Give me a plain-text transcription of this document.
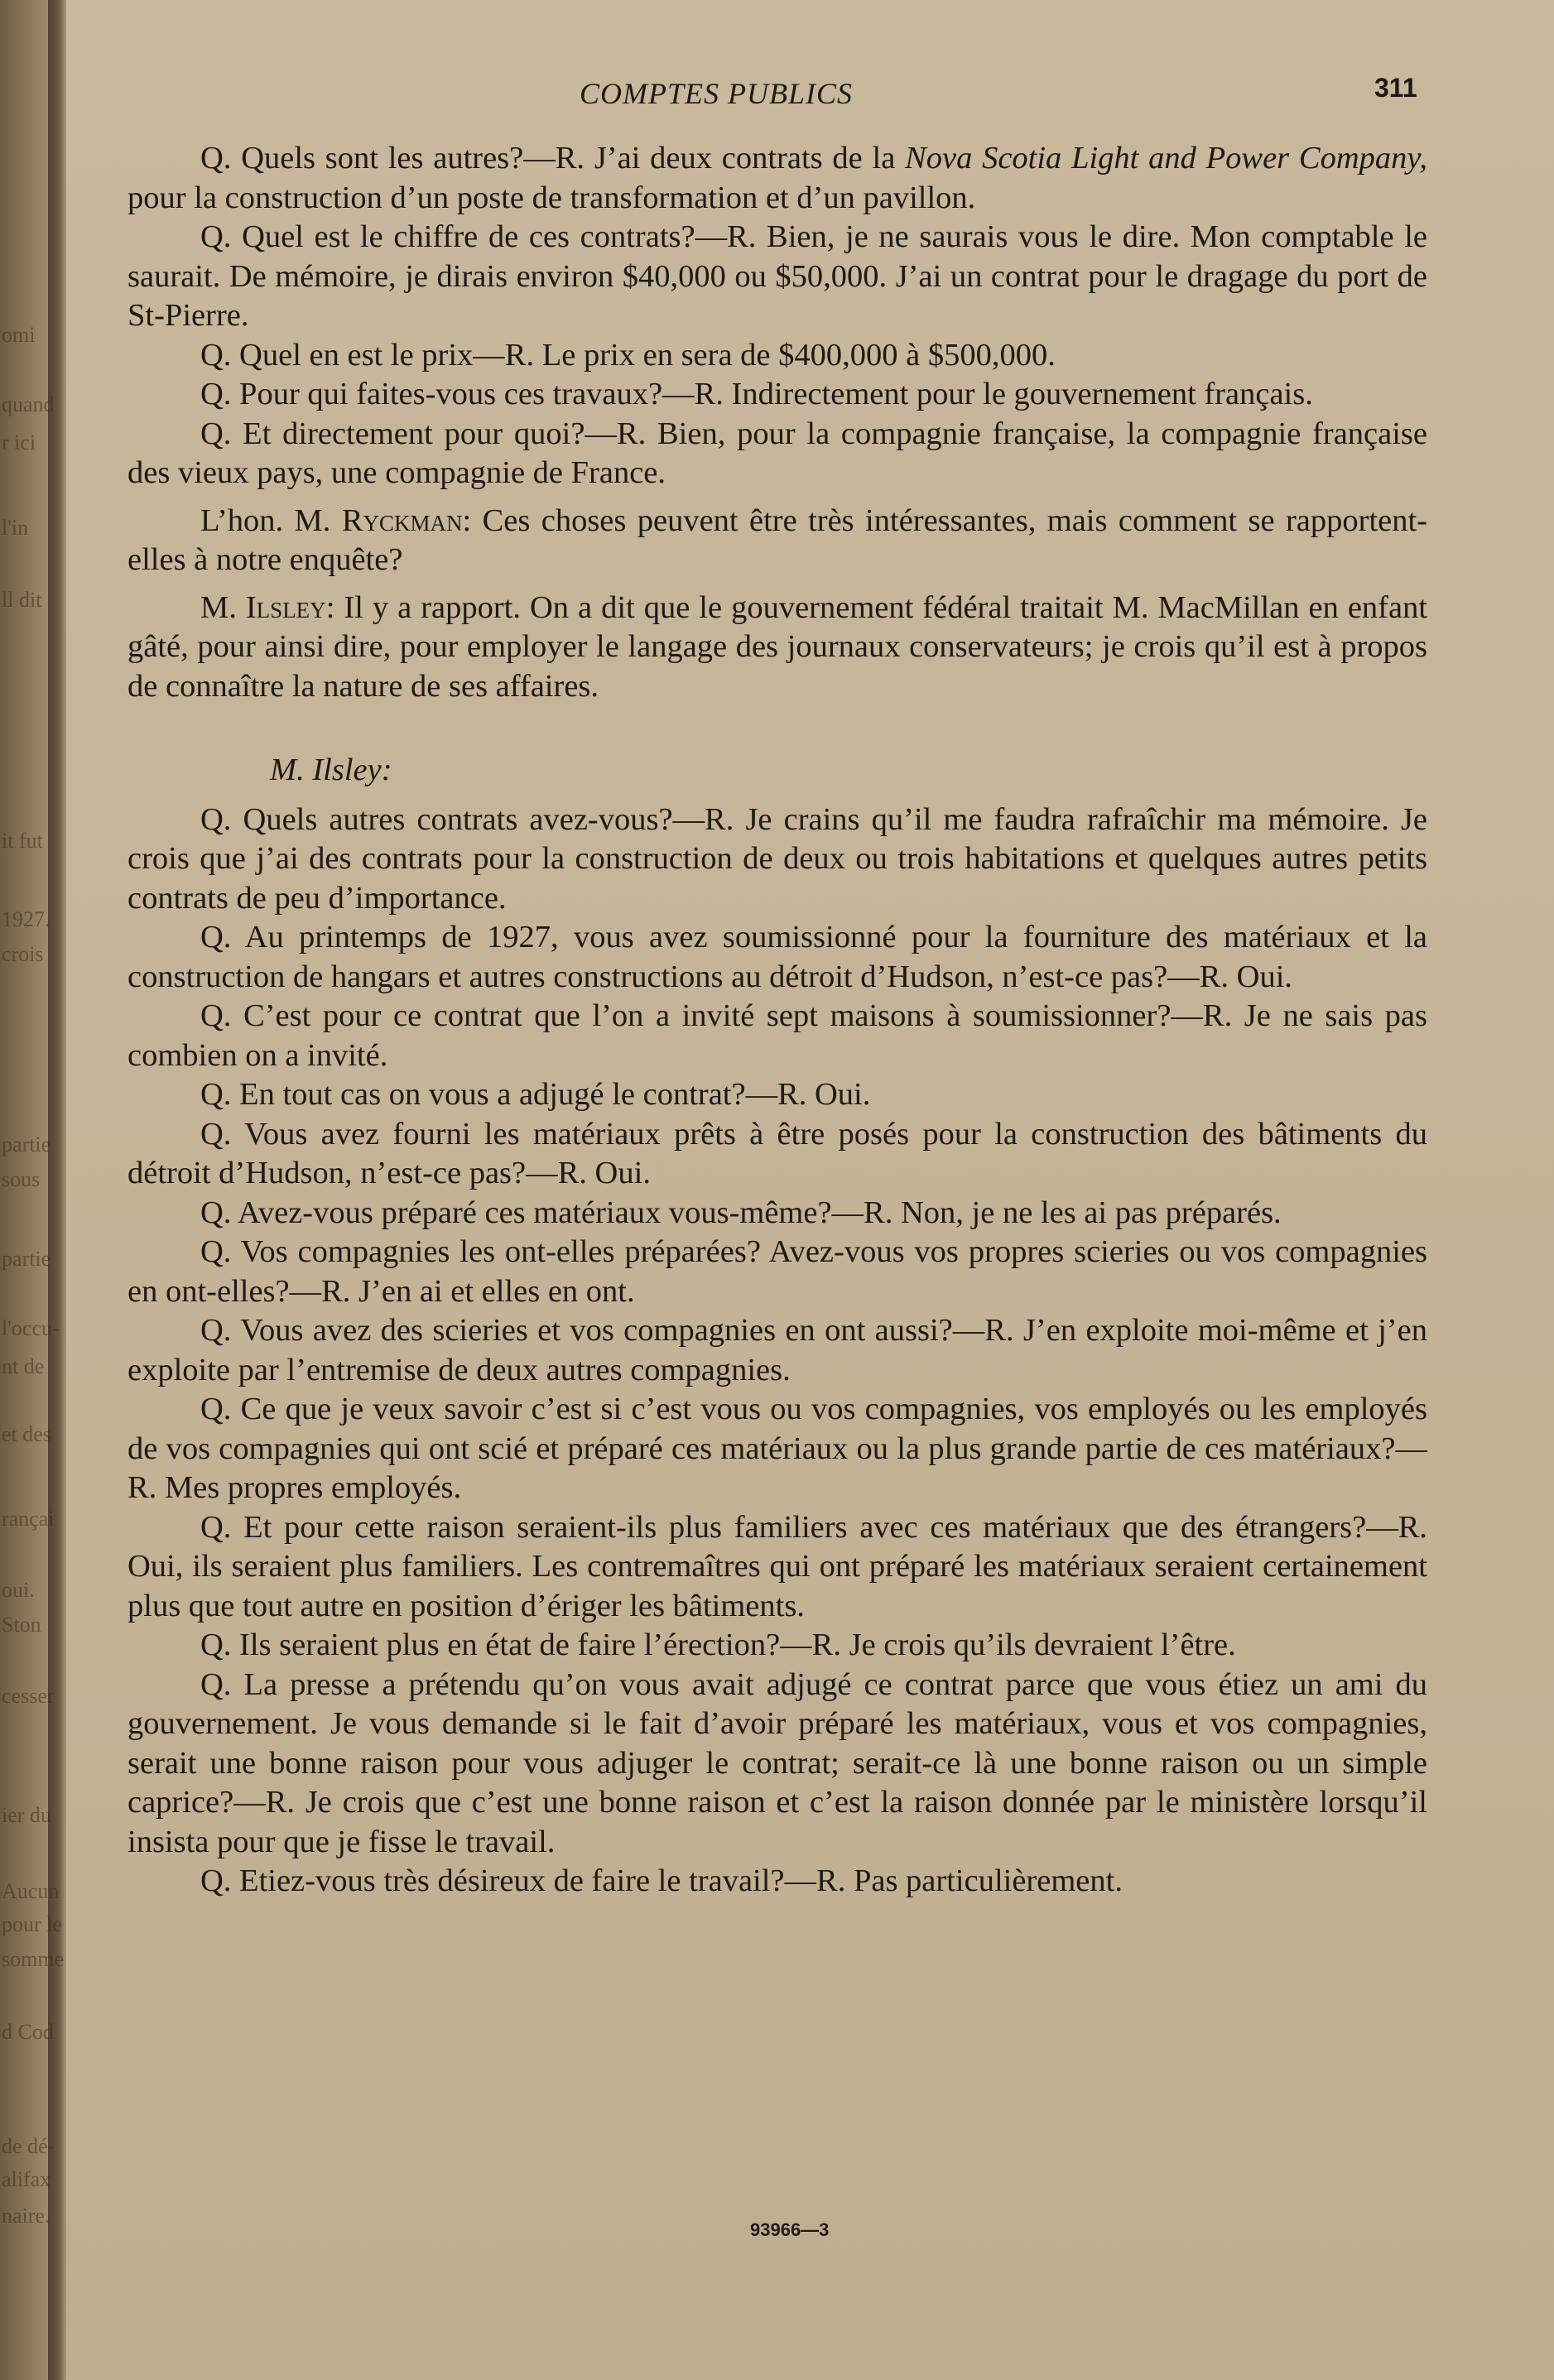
omi
quand
r ici
l'in
ll dit
it fut
1927.
crois
partie
sous
partie
l'occu-
nt de
et des
rançai
oui.
Ston
cesser
ier du
Aucun
pour le
somme
d Cod
de dé-
alifax
naire.
COMPTES PUBLICS	311

Q. Quels sont les autres?—R. J’ai deux contrats de la Nova Scotia Light and Power Company, pour la construction d’un poste de transformation et d’un pavillon.

Q. Quel est le chiffre de ces contrats?—R. Bien, je ne saurais vous le dire. Mon comptable le saurait. De mémoire, je dirais environ $40,000 ou $50,000. J’ai un contrat pour le dragage du port de St-Pierre.

Q. Quel en est le prix—R. Le prix en sera de $400,000 à $500,000.

Q. Pour qui faites-vous ces travaux?—R. Indirectement pour le gouvernement français.

Q. Et directement pour quoi?—R. Bien, pour la compagnie française, la compagnie française des vieux pays, une compagnie de France.

L’hon. M. Ryckman: Ces choses peuvent être très intéressantes, mais comment se rapportent-elles à notre enquête?

M. Ilsley: Il y a rapport. On a dit que le gouvernement fédéral traitait M. MacMillan en enfant gâté, pour ainsi dire, pour employer le langage des journaux conservateurs; je crois qu’il est à propos de connaître la nature de ses affaires.

M. Ilsley:

Q. Quels autres contrats avez-vous?—R. Je crains qu’il me faudra rafraîchir ma mémoire. Je crois que j’ai des contrats pour la construction de deux ou trois habitations et quelques autres petits contrats de peu d’importance.

Q. Au printemps de 1927, vous avez soumissionné pour la fourniture des matériaux et la construction de hangars et autres constructions au détroit d’Hudson, n’est-ce pas?—R. Oui.

Q. C’est pour ce contrat que l’on a invité sept maisons à soumissionner?—R. Je ne sais pas combien on a invité.

Q. En tout cas on vous a adjugé le contrat?—R. Oui.

Q. Vous avez fourni les matériaux prêts à être posés pour la construction des bâtiments du détroit d’Hudson, n’est-ce pas?—R. Oui.

Q. Avez-vous préparé ces matériaux vous-même?—R. Non, je ne les ai pas préparés.

Q. Vos compagnies les ont-elles préparées? Avez-vous vos propres scieries ou vos compagnies en ont-elles?—R. J’en ai et elles en ont.

Q. Vous avez des scieries et vos compagnies en ont aussi?—R. J’en exploite moi-même et j’en exploite par l’entremise de deux autres compagnies.

Q. Ce que je veux savoir c’est si c’est vous ou vos compagnies, vos employés ou les employés de vos compagnies qui ont scié et préparé ces matériaux ou la plus grande partie de ces matériaux?—R. Mes propres employés.

Q. Et pour cette raison seraient-ils plus familiers avec ces matériaux que des étrangers?—R. Oui, ils seraient plus familiers. Les contremaîtres qui ont préparé les matériaux seraient certainement plus que tout autre en position d’ériger les bâtiments.

Q. Ils seraient plus en état de faire l’érection?—R. Je crois qu’ils devraient l’être.

Q. La presse a prétendu qu’on vous avait adjugé ce contrat parce que vous étiez un ami du gouvernement. Je vous demande si le fait d’avoir préparé les matériaux, vous et vos compagnies, serait une bonne raison pour vous adjuger le contrat; serait-ce là une bonne raison ou un simple caprice?—R. Je crois que c’est une bonne raison et c’est la raison donnée par le ministère lorsqu’il insista pour que je fisse le travail.

Q. Etiez-vous très désireux de faire le travail?—R. Pas particulièrement.

93966—3
